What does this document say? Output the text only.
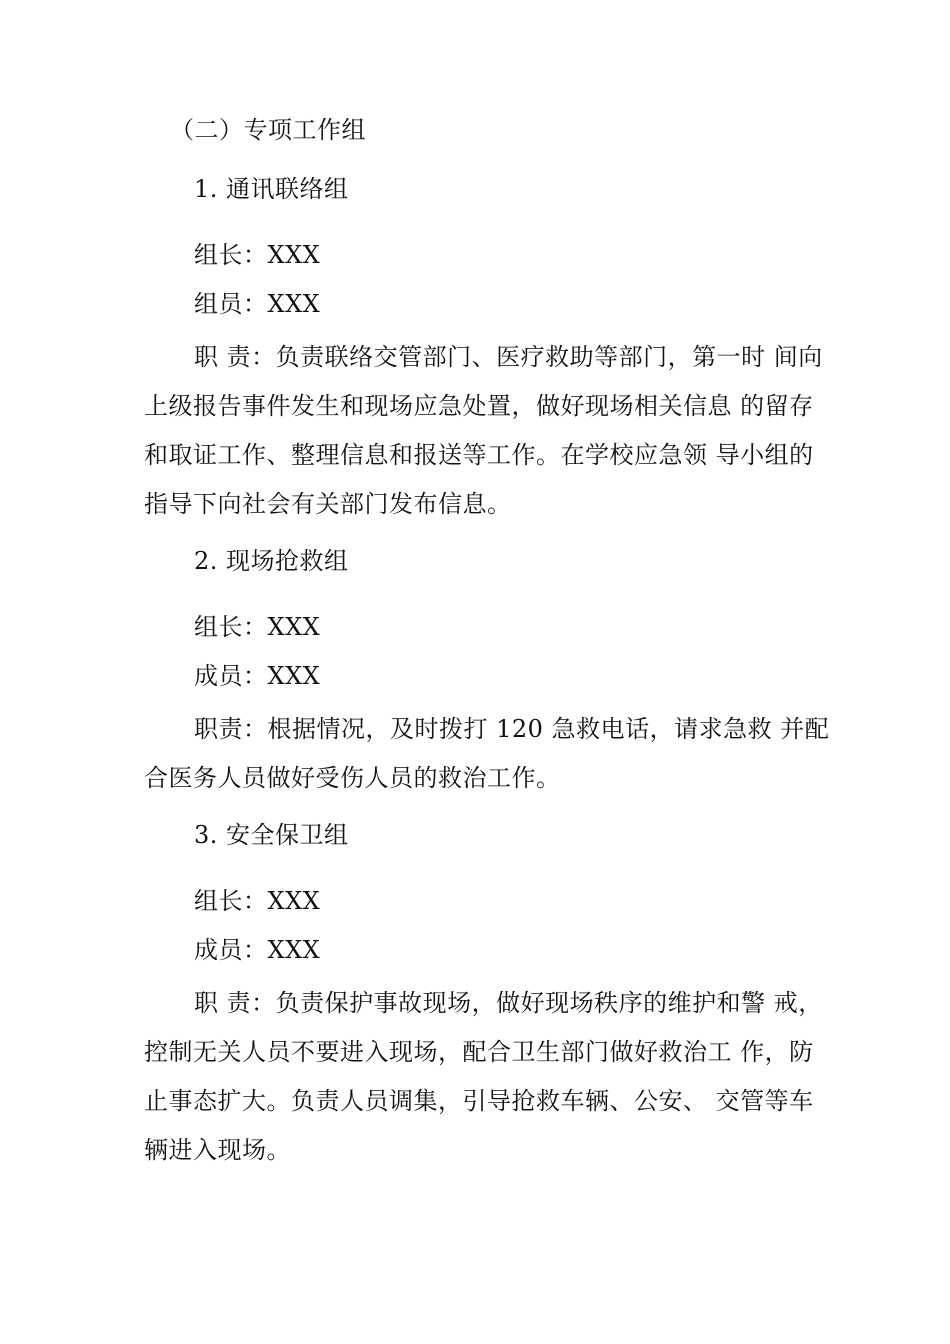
（二）专项工作组
1. 通讯联络组
组长：XXX
组员：XXX
职 责：负责联络交管部门、医疗救助等部门，第一时 间向
上级报告事件发生和现场应急处置，做好现场相关信息 的留存
和取证工作、整理信息和报送等工作。在学校应急领 导小组的
指导下向社会有关部门发布信息。
2. 现场抢救组
组长：XXX
成员：XXX
职责：根据情况，及时拨打 120 急救电话，请求急救 并配
合医务人员做好受伤人员的救治工作。
3. 安全保卫组
组长：XXX
成员：XXX
职 责：负责保护事故现场，做好现场秩序的维护和警 戒，
控制无关人员不要进入现场，配合卫生部门做好救治工 作，防
止事态扩大。负责人员调集，引导抢救车辆、公安、 交管等车
辆进入现场。
